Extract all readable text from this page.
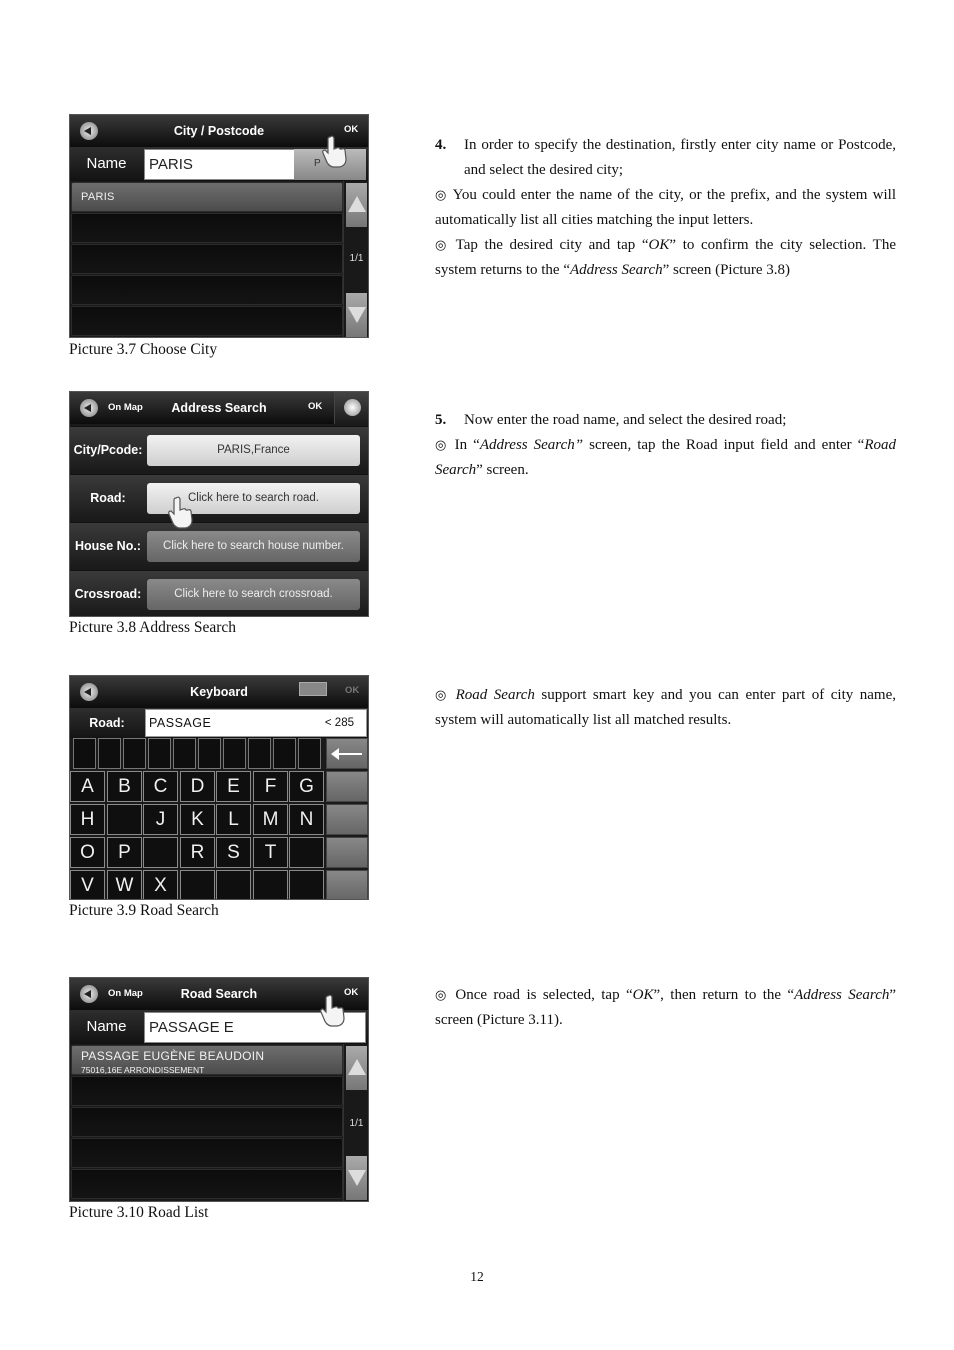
City / Postcode	OK
Name	PARIS	P
PARIS
1/1
Picture 3.7 Choose City
On Map	Address Search	OK
City/Pcode:	PARIS,France
Road:	Click here to search road.
House No.:	Click here to search house number.
Crossroad:	Click here to search crossroad.
Picture 3.8 Address Search
Keyboard	OK
Road:	PASSAGE	< 285
A	B	C	D	E	F	G
H	J	K	L	M	N
O	P	R	S	T
V	W	X
Picture 3.9 Road Search
On Map	Road Search	OK
Name	PASSAGE E
PASSAGE EUGÈNE BEAUDOIN
75016,16E ARRONDISSEMENT
1/1
Picture 3.10 Road List

4. In order to specify the destination, firstly enter city name or Postcode, and select the desired city;

◎ You could enter the name of the city, or the prefix, and the system will automatically list all cities matching the input letters.

◎ Tap the desired city and tap “OK” to confirm the city selection. The system returns to the “Address Search” screen (Picture 3.8)

5. Now enter the road name, and select the desired road;

◎ In “Address Search” screen, tap the Road input field and enter “Road Search” screen.

◎ Road Search support smart key and you can enter part of city name, system will automatically list all matched results.

◎ Once road is selected, tap “OK”, then return to the “Address Search” screen (Picture 3.11).

12
